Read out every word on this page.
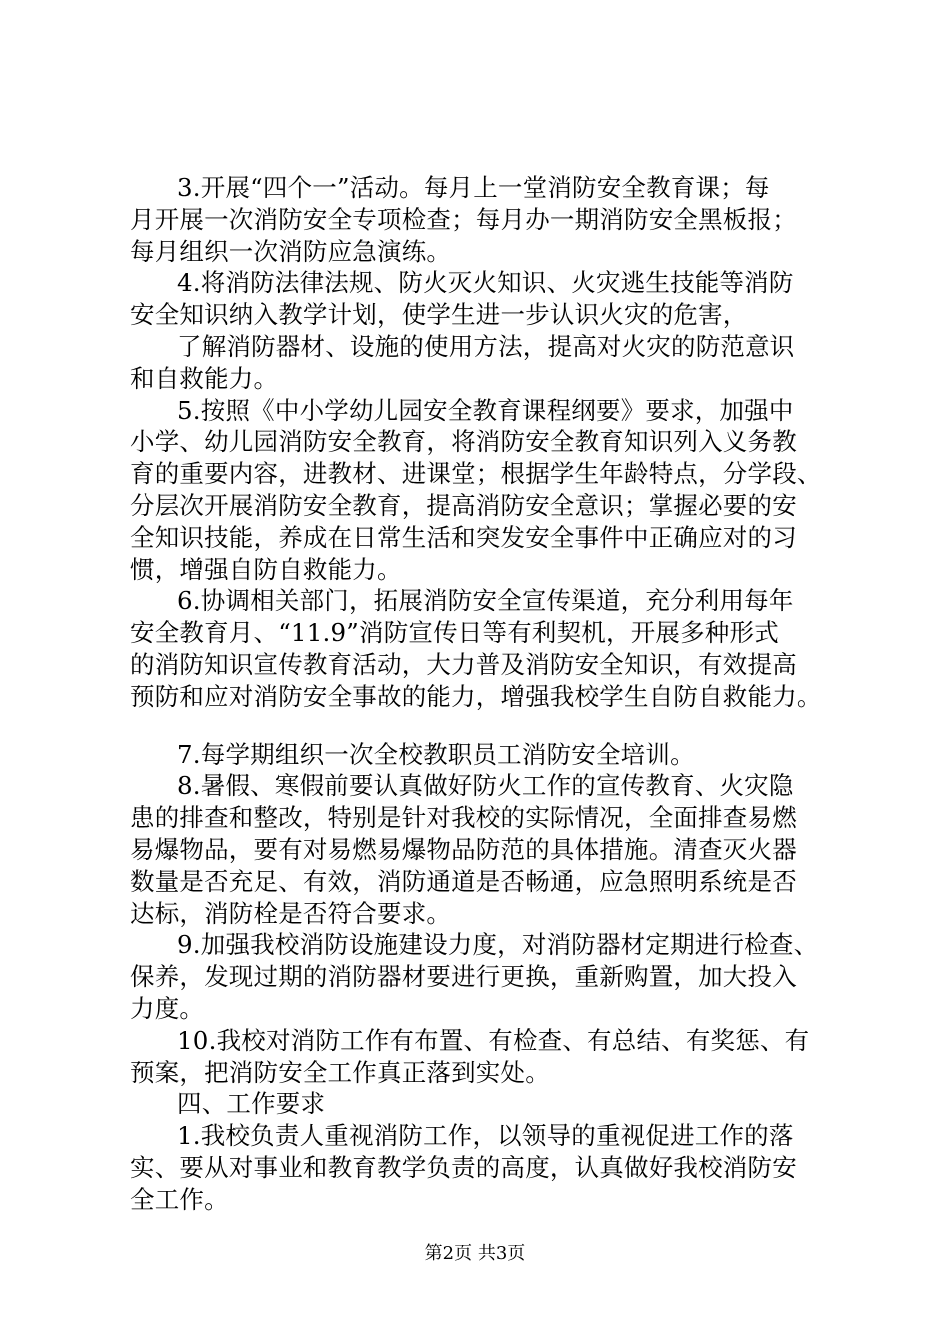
3.开展“四个一”活动。每月上一堂消防安全教育课；每
月开展一次消防安全专项检查；每月办一期消防安全黑板报；
每月组织一次消防应急演练。
4.将消防法律法规、防火灭火知识、火灾逃生技能等消防
安全知识纳入教学计划，使学生进一步认识火灾的危害，
了解消防器材、设施的使用方法，提高对火灾的防范意识
和自救能力。
5.按照《中小学幼儿园安全教育课程纲要》要求，加强中
小学、幼儿园消防安全教育，将消防安全教育知识列入义务教
育的重要内容，进教材、进课堂；根据学生年龄特点，分学段、
分层次开展消防安全教育，提高消防安全意识；掌握必要的安
全知识技能，养成在日常生活和突发安全事件中正确应对的习
惯，增强自防自救能力。
6.协调相关部门，拓展消防安全宣传渠道，充分利用每年
安全教育月、“11.9”消防宣传日等有利契机，开展多种形式
的消防知识宣传教育活动，大力普及消防安全知识，有效提高
预防和应对消防安全事故的能力，增强我校学生自防自救能力。
7.每学期组织一次全校教职员工消防安全培训。
8.暑假、寒假前要认真做好防火工作的宣传教育、火灾隐
患的排查和整改，特别是针对我校的实际情况，全面排查易燃
易爆物品，要有对易燃易爆物品防范的具体措施。清查灭火器
数量是否充足、有效，消防通道是否畅通，应急照明系统是否
达标，消防栓是否符合要求。
9.加强我校消防设施建设力度，对消防器材定期进行检查、
保养，发现过期的消防器材要进行更换，重新购置，加大投入
力度。
10.我校对消防工作有布置、有检查、有总结、有奖惩、有
预案，把消防安全工作真正落到实处。
四、工作要求
1.我校负责人重视消防工作，以领导的重视促进工作的落
实、要从对事业和教育教学负责的高度，认真做好我校消防安
全工作。
第2页 共3页
